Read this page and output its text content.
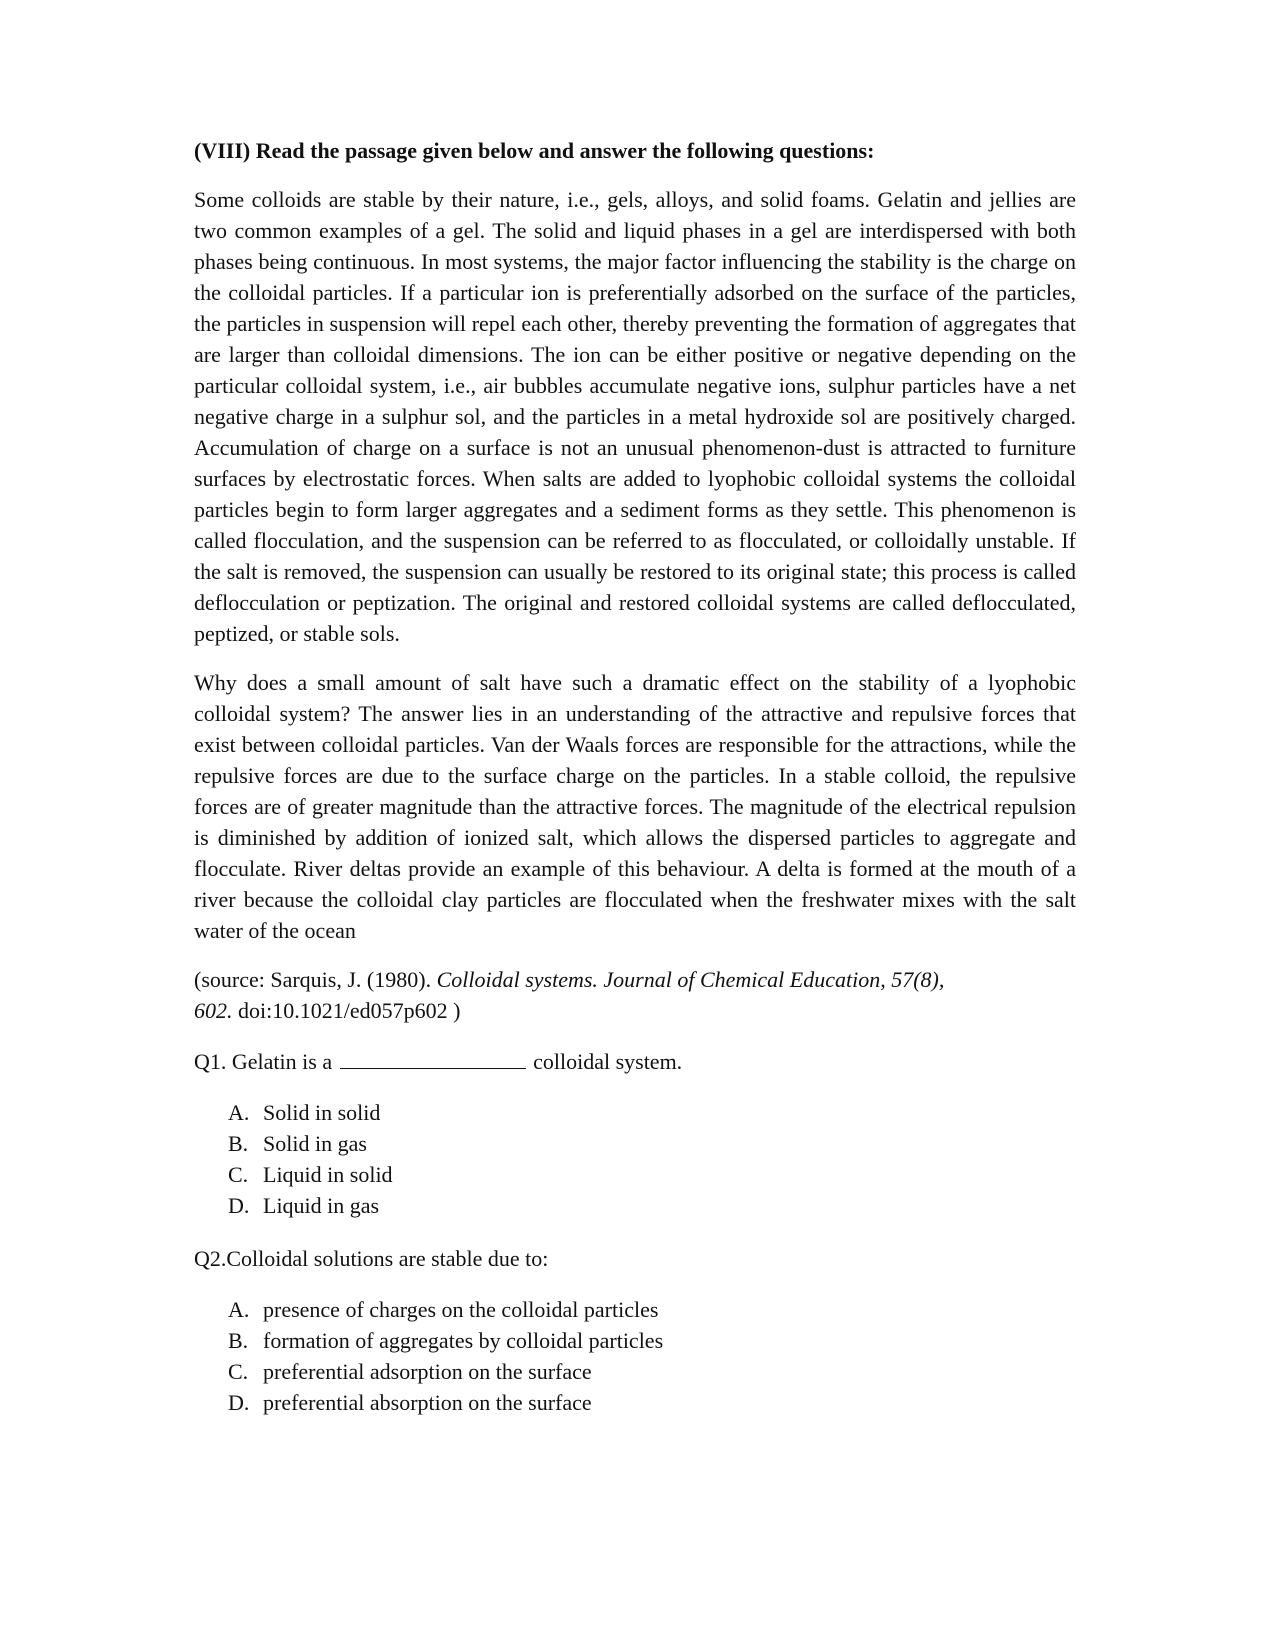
(VIII) Read the passage given below and answer the following questions:

Some colloids are stable by their nature, i.e., gels, alloys, and solid foams. Gelatin and jellies are two common examples of a gel. The solid and liquid phases in a gel are interdispersed with both phases being continuous. In most systems, the major factor influencing the stability is the charge on the colloidal particles. If a particular ion is preferentially adsorbed on the surface of the particles, the particles in suspension will repel each other, thereby preventing the formation of aggregates that are larger than colloidal dimensions. The ion can be either positive or negative depending on the particular colloidal system, i.e., air bubbles accumulate negative ions, sulphur particles have a net negative charge in a sulphur sol, and the particles in a metal hydroxide sol are positively charged. Accumulation of charge on a surface is not an unusual phenomenon-dust is attracted to furniture surfaces by electrostatic forces. When salts are added to lyophobic colloidal systems the colloidal particles begin to form larger aggregates and a sediment forms as they settle. This phenomenon is called flocculation, and the suspension can be referred to as flocculated, or colloidally unstable. If the salt is removed, the suspension can usually be restored to its original state; this process is called deflocculation or peptization. The original and restored colloidal systems are called deflocculated, peptized, or stable sols.

Why does a small amount of salt have such a dramatic effect on the stability of a lyophobic colloidal system? The answer lies in an understanding of the attractive and repulsive forces that exist between colloidal particles. Van der Waals forces are responsible for the attractions, while the repulsive forces are due to the surface charge on the particles. In a stable colloid, the repulsive forces are of greater magnitude than the attractive forces. The magnitude of the electrical repulsion is diminished by addition of ionized salt, which allows the dispersed particles to aggregate and flocculate. River deltas provide an example of this behaviour. A delta is formed at the mouth of a river because the colloidal clay particles are flocculated when the freshwater mixes with the salt water of the ocean

(source: Sarquis, J. (1980). Colloidal systems. Journal of Chemical Education, 57(8),
602. doi:10.1021/ed057p602 )

Q1. Gelatin is a	colloidal system.

A. Solid in solid
B. Solid in gas
C. Liquid in solid
D. Liquid in gas

Q2.Colloidal solutions are stable due to:

A. presence of charges on the colloidal particles
B. formation of aggregates by colloidal particles
C. preferential adsorption on the surface
D. preferential absorption on the surface
